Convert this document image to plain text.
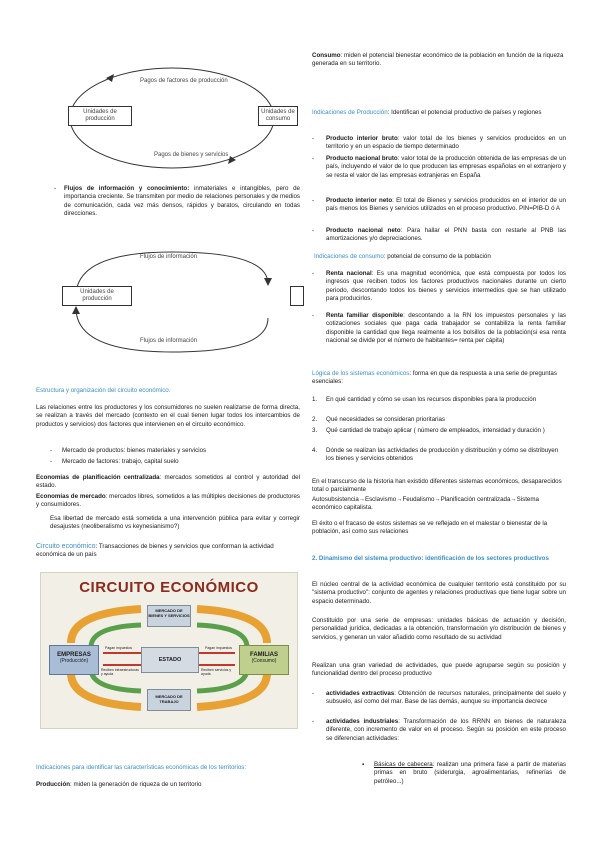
Pagos de factores de producción
Unidades de producción
Unidades de consumo
Pagos de bienes y servicios
- Flujos de información y conocimiento: inmateriales e intangibles, pero de importancia creciente. Se transmiten por medio de relaciones personales y de medios de comunicación, cada vez más densos, rápidos y baratos, circulando en todas direcciones.

Flujos de información
Unidades de producción
Flujos de información

Estructura y organización del circuito económico.

Las relaciones entre los productores y los consumidores no suelen realizarse de forma directa, se realizan a través del mercado (contexto en el cual tienen lugar todos los intercambios de productos y servicios) dos factores que intervienen en el circuito económico.

- Mercado de productos: bienes materiales y servicios

- Mercado de factores: trabajo, capital suelo

Economías de planificación centralizada: mercados sometidos al control y autoridad del estado.

Economías de mercado: mercados libres, sometidos a las múltiples decisiones de productores y consumidores.

Esa libertad de mercado está sometida a una intervención pública para evitar y corregir desajustes (neoliberalismo vs keynesianismo?)

Circuito económico: Transacciones de bienes y servicios que conforman la actividad económica de un país

Indicaciones para identificar las características económicas de los territorios:

Producción: miden la generación de riqueza de un territorio

CIRCUITO ECONÓMICO
MERCADO DE BIENES Y SERVICIOS
EMPRESAS
(Producción)	ESTADO
FAMILIAS
(Consumo)
MERCADO DE TRABAJO
Pagan impuestos	Pagan impuestos
Reciben infraestructuras y ayuda
Reciben servicios y ayuda

Consumo: miden el potencial bienestar económico de la población en función de la riqueza generada en su territorio.

Indicaciones de Producción: Identifican el potencial productivo de países y regiones

- Producto interior bruto: valor total de los bienes y servicios producidos en un territorio y en un espacio de tiempo determinado

- Producto nacional bruto: valor total de la producción obtenida de las empresas de un país, incluyendo el valor de lo que producen las empresas españolas en el extranjero y se resta el valor de las empresas extranjeras en España

- Producto interior neto: El total de Bienes y servicios producidos en el interior de un país menos los Bienes y servicios utilizados en el proceso productivo. PIN=PIB-D ó A

- Producto nacional neto: Para hallar el PNN basta con restarle al PNB las amortizaciones y/o depreciaciones.

Indicaciones de consumo: potencial de consumo de la población

- Renta nacional: Es una magnitud económica, que está compuesta por todos los ingresos que reciben todos los factores productivos nacionales durante un cierto periodo, descontando todos los bienes y servicios intermedios que se han utilizado para producirlos.

- Renta familiar disponible: descontando a la RN los impuestos personales y las cotizaciones sociales que paga cada trabajador se contabiliza la renta familiar disponible la cantidad que llega realmente a los bolsillos de la población(si esa renta nacional se divide por el número de habitantes= renta per cápita)

Lógica de los sistemas económicos: forma en que da respuesta a una serie de preguntas esenciales:

1. En qué cantidad y cómo se usan los recursos disponibles para la producción

2. Qué necesidades se consideran prioritarias

3. Qué cantidad de trabajo aplicar ( número de empleados, intensidad y duración )

4. Dónde se realizan las actividades de producción y distribución y cómo se distribuyen los bienes y servicios obtenidos

En el transcurso de la historia han existido diferentes sistemas económicos, desaparecidos total o parcialmente

Autosubsistencia→Esclavismo→Feudalismo→Planificación centralizada→Sistema económico capitalista.

El éxito o el fracaso de estos sistemas se ve reflejado en el malestar o bienestar de la población, así como sus relaciones

2. Dinamismo del sistema productivo: identificación de los sectores productivos

El núcleo central de la actividad económica de cualquier territorio está constituido por su "sistema productivo": conjunto de agentes y relaciones productivas que tiene lugar sobre un espacio determinado.

Constituido por una serie de empresas: unidades básicas de actuación y decisión, personalidad jurídica, dedicadas a la obtención, transformación y/o distribución de bienes y servicios, y generan un valor añadido como resultado de su actividad

Realizan una gran variedad de actividades, que puede agruparse según su posición y funcionalidad dentro del proceso productivo

- actividades extractivas: Obtención de recursos naturales, principalmente del suelo y subsuelo, así como del mar. Base de las demás, aunque su importancia decrece

- actividades industriales: Transformación de los RRNN en bienes de naturaleza diferente, con incremento de valor en el proceso. Según su posición en este proceso se diferencian actividades:

▪ Básicas de cabecera: realizan una primera fase a partir de materias primas en bruto (siderurgia, agroalimentarias, refinerías de petróleo...)
